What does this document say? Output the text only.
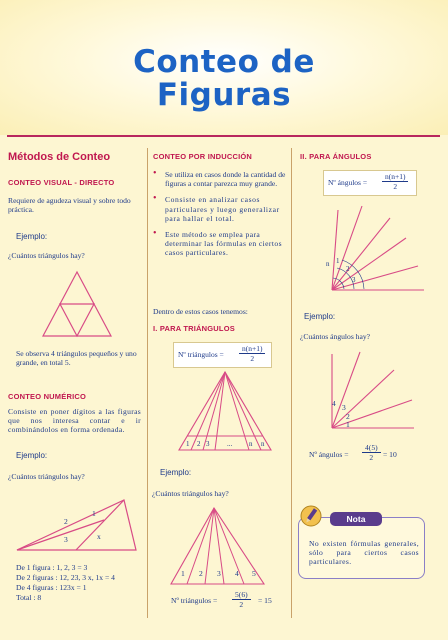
Conteo de
Figuras
Métodos de Conteo
CONTEO VISUAL - DIRECTO
Requiere de agudeza visual y sobre todo práctica.
Ejemplo:
¿Cuántos triángulos hay?
Se observa 4 triángulos pequeños y uno grande, en total 5.
CONTEO NUMÉRICO
Consiste en poner dígitos a las figuras que nos interesa contar e ir combinándolos en forma ordenada.
Ejemplo:
¿Cuántos triángulos hay?
1
2
3	x
De 1 figura : 1, 2, 3 = 3
De 2 figuras : 12, 23, 3 x, 1x = 4
De 4 figuras : 123x = 1
Total : 8
CONTEO POR INDUCCIÓN
• Se utiliza en casos donde la cantidad de figuras a contar parezca muy grande.
• Consiste en analizar casos particulares y luego generalizar para hallar el total.
• Este método se emplea para determinar las fórmulas en ciertos casos particulares.
Dentro de estos casos tenemos:
I. PARA TRIÁNGULOS
Nº triángulos = $\frac{n(n+1)}{2}$
1 2 3	... n n
Ejemplo:
¿Cuántos triángulos hay?
1 2 3 4 5
Nº triángulos = $\frac{5(6)}{2} = 15$
II. PARA ÁNGULOS
Nº ángulos = $\frac{n(n+1)}{2}$
n 1
2
3
Ejemplo:
¿Cuántos ángulos hay?
4 3
2
1
Nº ángulos = $\frac{4(5)}{2} = 10$
Nota
No existen fórmulas generales, sólo para ciertos casos particulares.
